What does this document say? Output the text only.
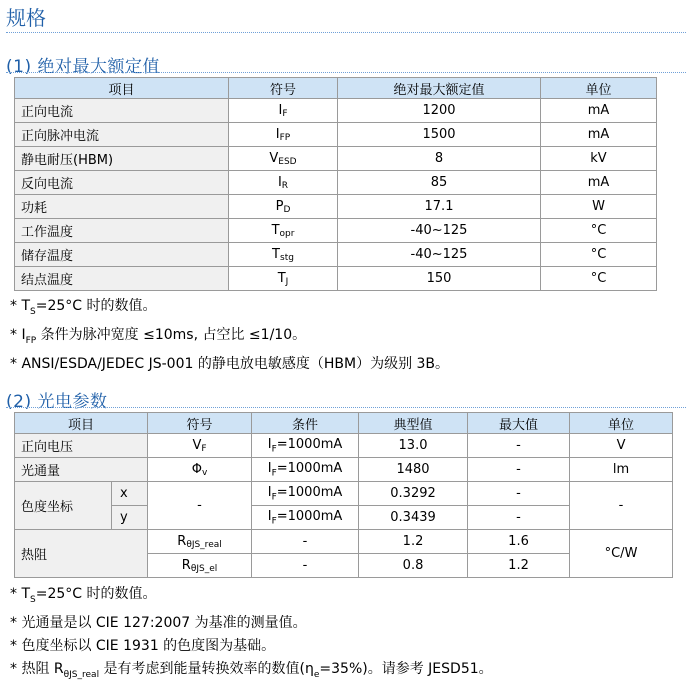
规格
(1) 绝对最大额定值
项目	符号	绝对最大额定值	单位
正向电流	$I_F$	1200	mA
正向脉冲电流	$I_{FP}$	1500	mA
静电耐压(HBM)	$V_{ESD}$	8	kV
反向电流	$I_R$	85	mA
功耗	$P_D$	17.1	W
工作温度	$T_{opr}$	-40~125	°C
储存温度	$T_{stg}$	-40~125	°C
结点温度	$T_J$	150	°C
* $T_S=25^\circ C$ 时的数值。
* $I_{FP}$ 条件为脉冲宽度 ≤10ms, 占空比 ≤1/10。
* ANSI/ESDA/JEDEC JS-001 的静电放电敏感度（HBM）为级别 3B。
(2) 光电参数
项目		符号	条件	典型值	最大值	单位
正向电压		$V_F$	$I_F=1000mA$	13.0	-	V
光通量		$\Phi_v$	$I_F=1000mA$	1480	-	lm
色度坐标	x	-	$I_F=1000mA$	0.3292	-	-
	y		$I_F=1000mA$	0.3439	-	
热阻		$R_{\theta JS\_real}$	-	1.2	1.6	°C/W
		$R_{\theta JS\_el}$	-	0.8	1.2	
* $T_S=25^\circ C$ 时的数值。
* 光通量是以 CIE 127:2007 为基准的测量值。
* 色度坐标以 CIE 1931 的色度图为基础。
* 热阻 $R_{\theta JS\_real}$ 是有考虑到能量转换效率的数值$(\eta_e=35\%)$。请参考 JESD51。
